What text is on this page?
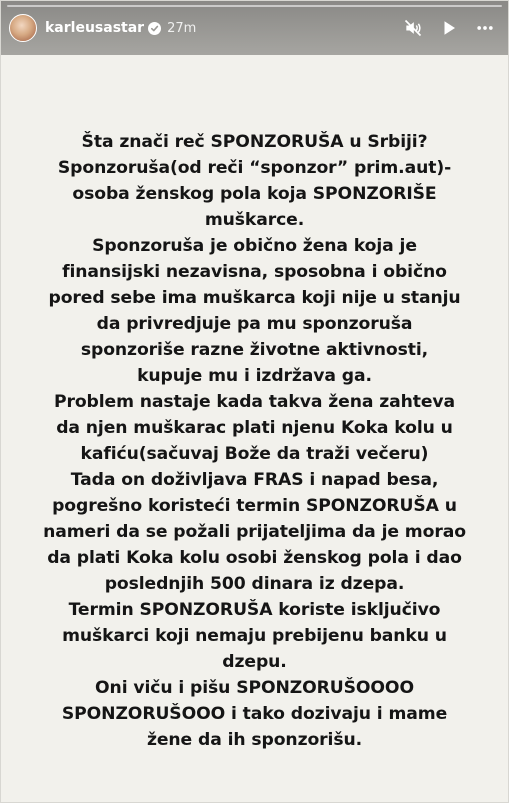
karleusastar 27m
Šta znači reč SPONZORUŠA u Srbiji?
Sponzoruša(od reči “sponzor” prim.aut)-
osoba ženskog pola koja SPONZORIŠE
muškarce.
Sponzoruša je obično žena koja je
finansijski nezavisna, sposobna i obično
pored sebe ima muškarca koji nije u stanju
da privredjuje pa mu sponzoruša
sponzoriše razne životne aktivnosti,
kupuje mu i izdržava ga.
Problem nastaje kada takva žena zahteva
da njen muškarac plati njenu Koka kolu u
kafiću(sačuvaj Bože da traži večeru)
Tada on doživljava FRAS i napad besa,
pogrešno koristeći termin SPONZORUŠA u
nameri da se požali prijateljima da je morao
da plati Koka kolu osobi ženskog pola i dao
poslednjih 500 dinara iz dzepa.
Termin SPONZORUŠA koriste isključivo
muškarci koji nemaju prebijenu banku u
dzepu.
Oni viču i pišu SPONZORUŠOOOO
SPONZORUŠOOO i tako dozivaju i mame
žene da ih sponzorišu.
